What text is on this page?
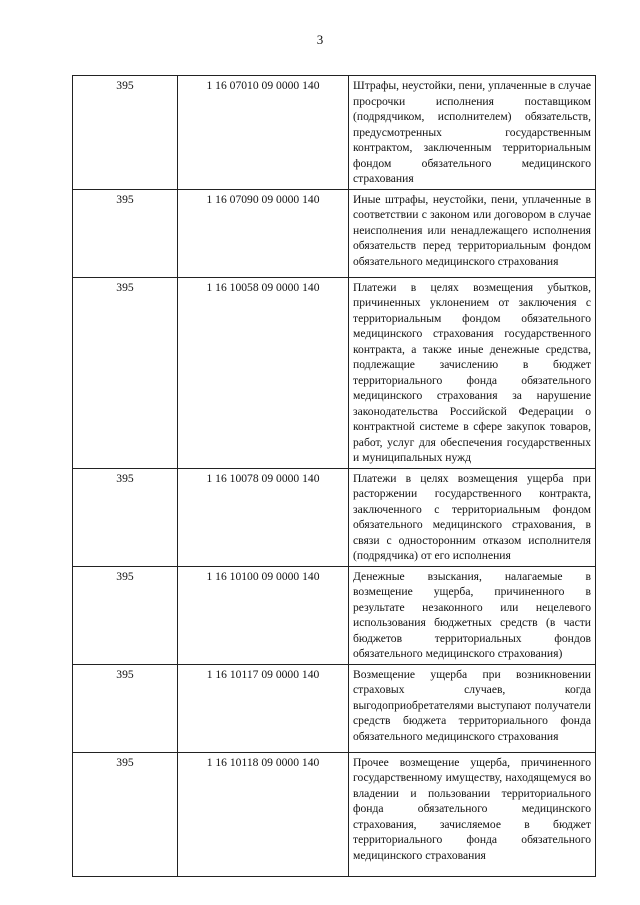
3
395	1 16 07010 09 0000 140	Штрафы, неустойки, пени, уплаченные в случае просрочки исполнения поставщиком (подрядчиком, исполнителем) обязательств, предусмотренных государственным контрактом, заключенным территориальным фондом обязательного медицинского страхования
395	1 16 07090 09 0000 140	Иные штрафы, неустойки, пени, уплаченные в соответствии с законом или договором в случае неисполнения или ненадлежащего исполнения обязательств перед территориальным фондом обязательного медицинского страхования
395	1 16 10058 09 0000 140	Платежи в целях возмещения убытков, причиненных уклонением от заключения с территориальным фондом обязательного медицинского страхования государственного контракта, а также иные денежные средства, подлежащие зачислению в бюджет территориального фонда обязательного медицинского страхования за нарушение законодательства Российской Федерации о контрактной системе в сфере закупок товаров, работ, услуг для обеспечения государственных и муниципальных нужд
395	1 16 10078 09 0000 140	Платежи в целях возмещения ущерба при расторжении государственного контракта, заключенного с территориальным фондом обязательного медицинского страхования, в связи с односторонним отказом исполнителя (подрядчика) от его исполнения
395	1 16 10100 09 0000 140	Денежные взыскания, налагаемые в возмещение ущерба, причиненного в результате незаконного или нецелевого использования бюджетных средств (в части бюджетов территориальных фондов обязательного медицинского страхования)
395	1 16 10117 09 0000 140	Возмещение ущерба при возникновении страховых случаев, когда выгодоприобретателями выступают получатели средств бюджета территориального фонда обязательного медицинского страхования
395	1 16 10118 09 0000 140	Прочее возмещение ущерба, причиненного государственному имуществу, находящемуся во владении и пользовании территориального фонда обязательного медицинского страхования, зачисляемое в бюджет территориального фонда обязательного медицинского страхования
